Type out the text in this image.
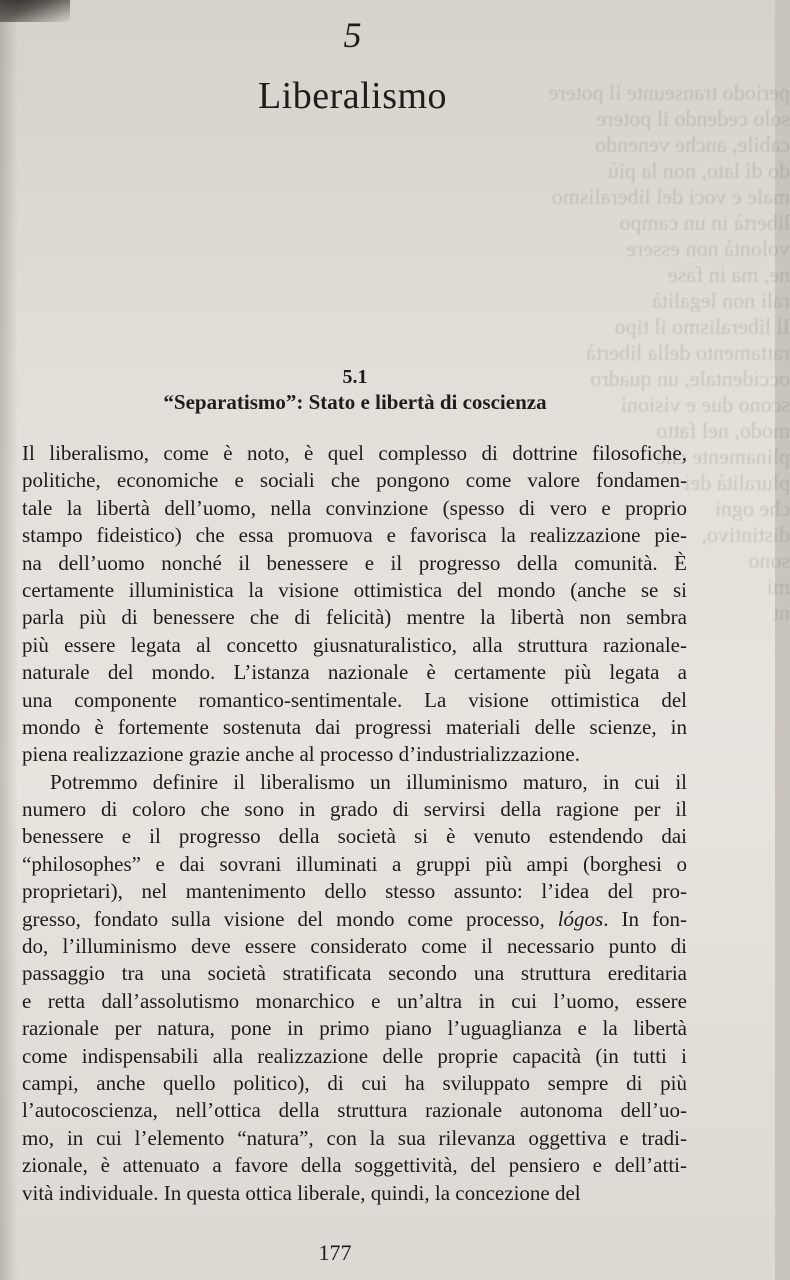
periodo transeunte il potere
solo cedendo il potere
cabile, anche venendo
do di lato, non la più
male e voci del liberalismo
libertà in un campo
volontà non essere
ne, ma in fase
rali non legalità
Il liberalismo il tipo
rattamento della libertà
occidentale, un quadro
scono due e visioni
modo, nel fatto
plinamente che
pluralità dei
che ogni
distintivo,
sono
mi
nt
5
Liberalismo
5.1
“Separatismo”: Stato e libertà di coscienza
Il liberalismo, come è noto, è quel complesso di dottrine filosofiche,
politiche, economiche e sociali che pongono come valore fondamen-
tale la libertà dell’uomo, nella convinzione (spesso di vero e proprio
stampo fideistico) che essa promuova e favorisca la realizzazione pie-
na dell’uomo nonché il benessere e il progresso della comunità. È
certamente illuministica la visione ottimistica del mondo (anche se si
parla più di benessere che di felicità) mentre la libertà non sembra
più essere legata al concetto giusnaturalistico, alla struttura razionale-
naturale del mondo. L’istanza nazionale è certamente più legata a
una componente romantico-sentimentale. La visione ottimistica del
mondo è fortemente sostenuta dai progressi materiali delle scienze, in
piena realizzazione grazie anche al processo d’industrializzazione.
Potremmo definire il liberalismo un illuminismo maturo, in cui il
numero di coloro che sono in grado di servirsi della ragione per il
benessere e il progresso della società si è venuto estendendo dai
“philosophes” e dai sovrani illuminati a gruppi più ampi (borghesi o
proprietari), nel mantenimento dello stesso assunto: l’idea del pro-
gresso, fondato sulla visione del mondo come processo, lógos. In fon-
do, l’illuminismo deve essere considerato come il necessario punto di
passaggio tra una società stratificata secondo una struttura ereditaria
e retta dall’assolutismo monarchico e un’altra in cui l’uomo, essere
razionale per natura, pone in primo piano l’uguaglianza e la libertà
come indispensabili alla realizzazione delle proprie capacità (in tutti i
campi, anche quello politico), di cui ha sviluppato sempre di più
l’autocoscienza, nell’ottica della struttura razionale autonoma dell’uo-
mo, in cui l’elemento “natura”, con la sua rilevanza oggettiva e tradi-
zionale, è attenuato a favore della soggettività, del pensiero e dell’atti-
vità individuale. In questa ottica liberale, quindi, la concezione del
177
